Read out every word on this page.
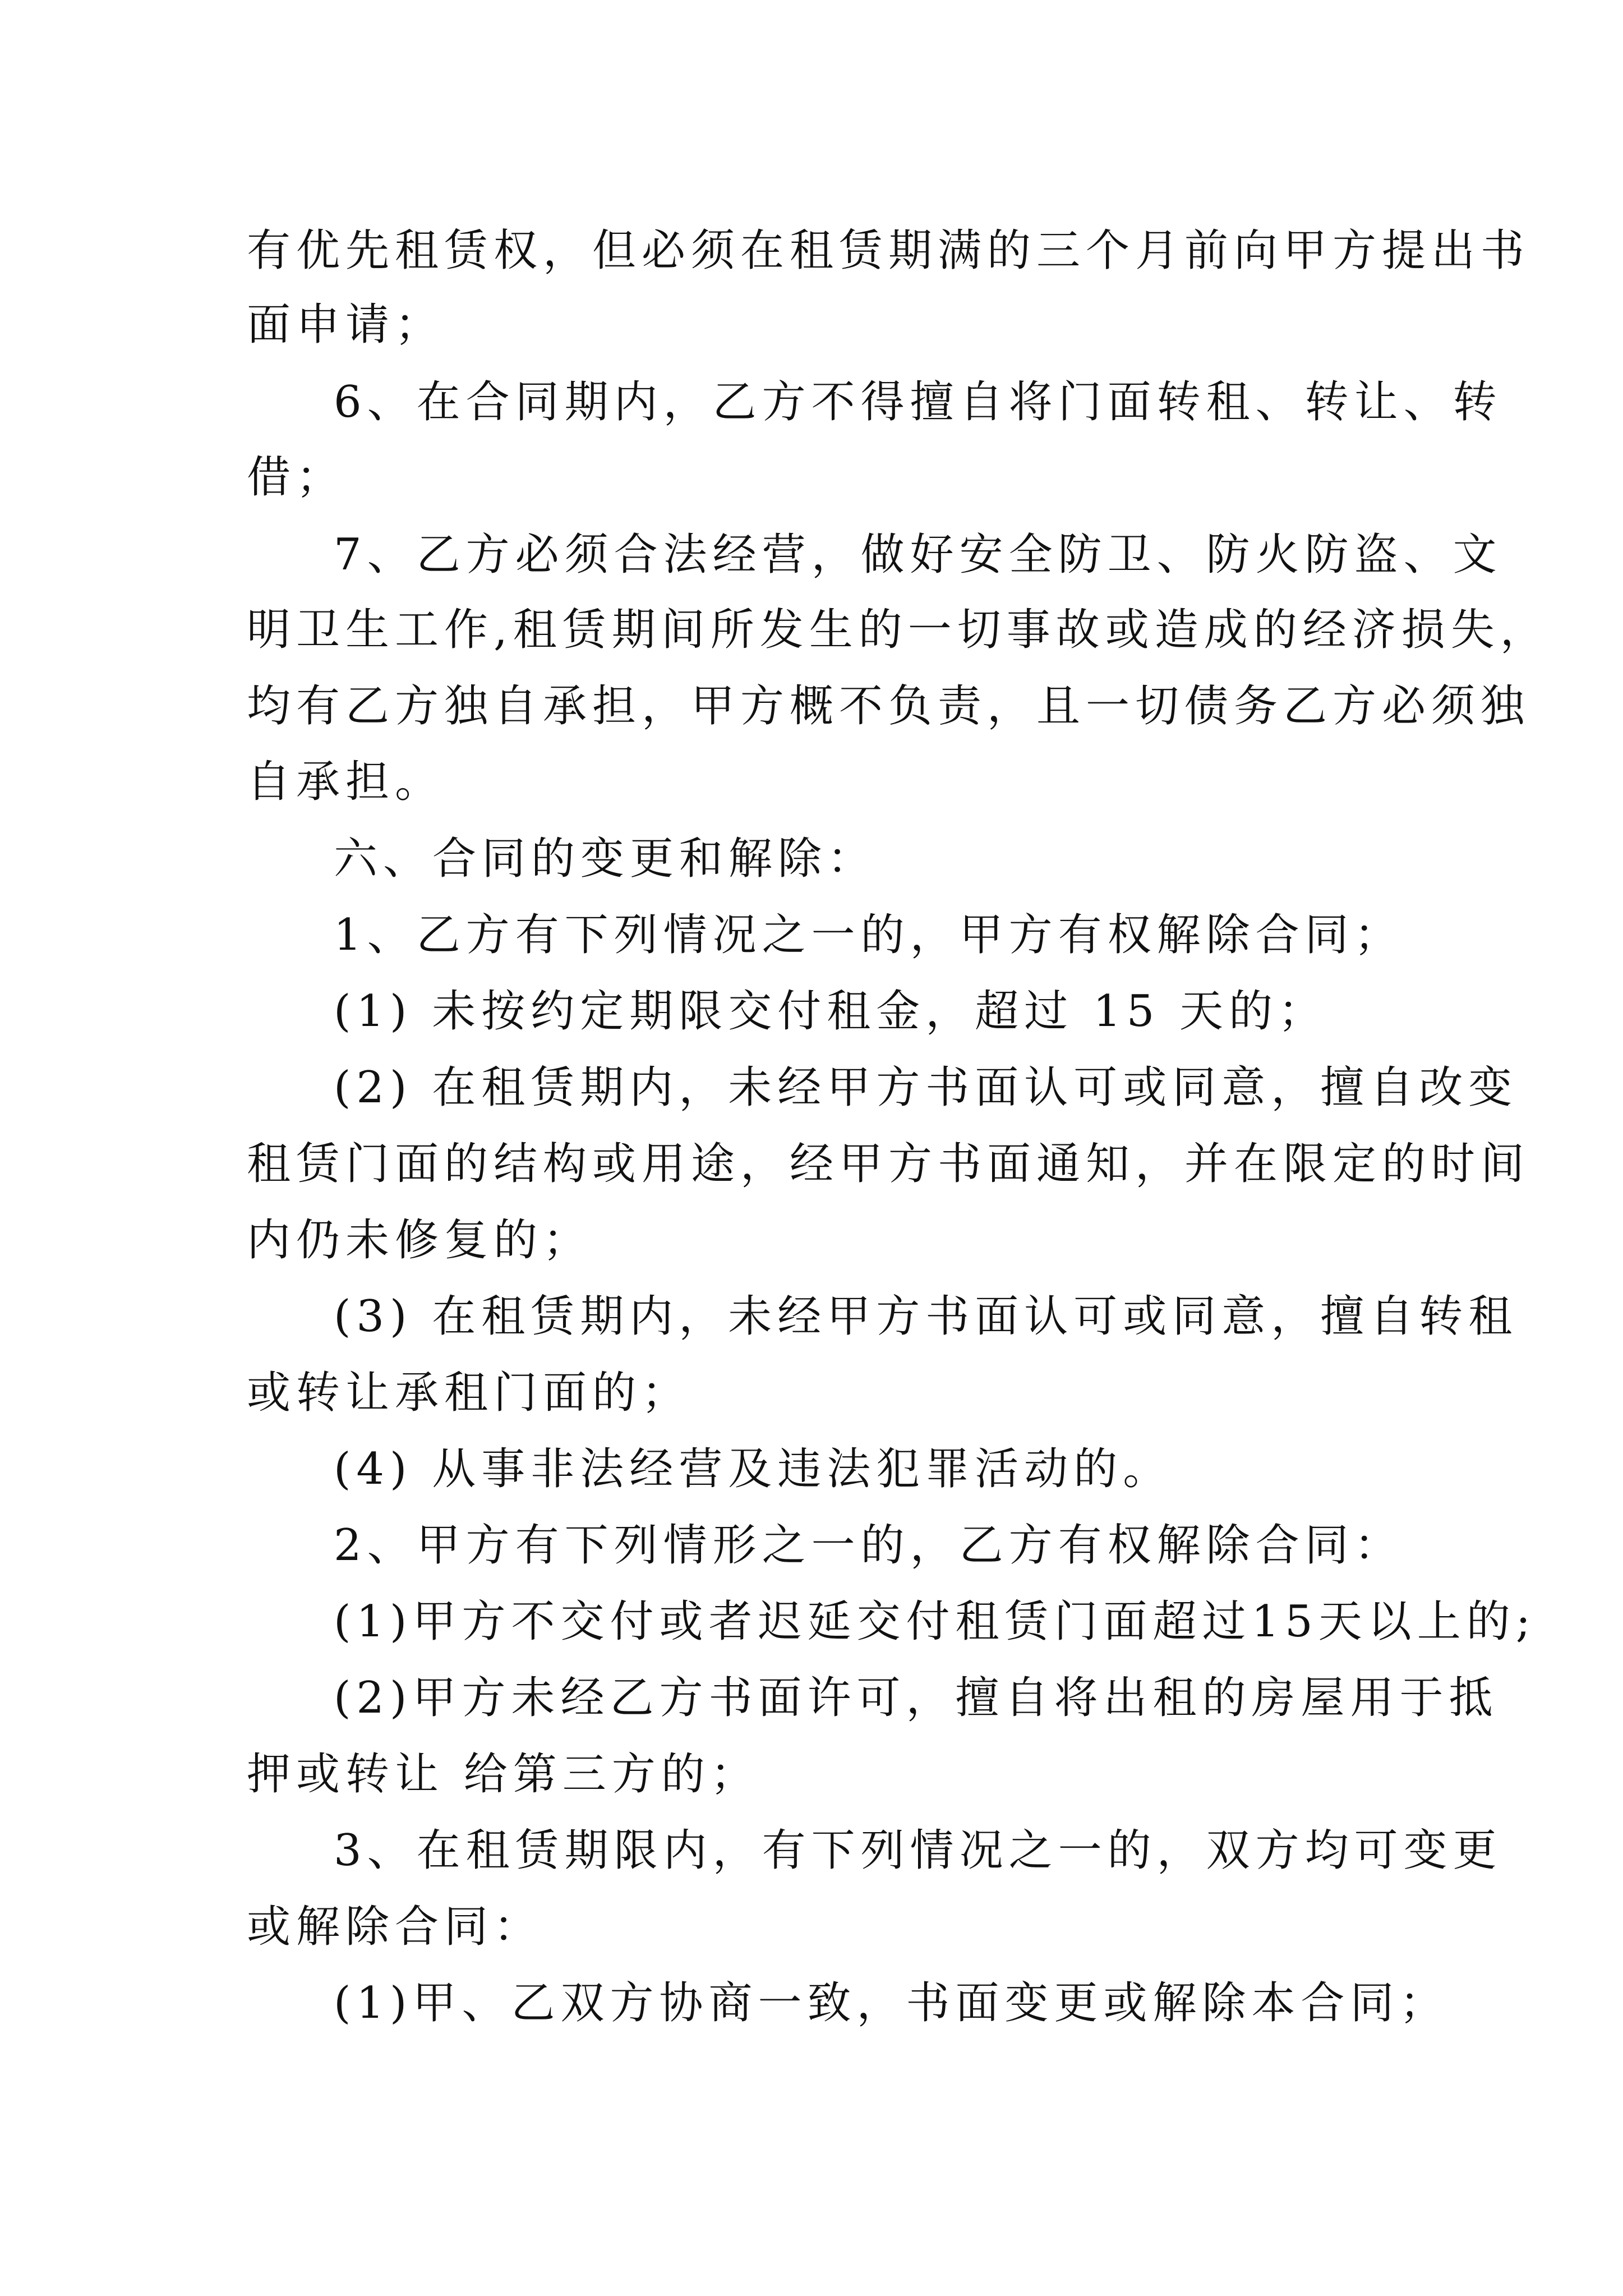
有优先租赁权，但必须在租赁期满的三个月前向甲方提出书
面申请；
6、在合同期内，乙方不得擅自将门面转租、转让、转
借；
7、乙方必须合法经营，做好安全防卫、防火防盗、文
明卫生工作,租赁期间所发生的一切事故或造成的经济损失，
均有乙方独自承担，甲方概不负责，且一切债务乙方必须独
自承担。
六、合同的变更和解除：
1、乙方有下列情况之一的，甲方有权解除合同；
(1) 未按约定期限交付租金，超过 15 天的；
(2) 在租赁期内，未经甲方书面认可或同意，擅自改变
租赁门面的结构或用途，经甲方书面通知，并在限定的时间
内仍未修复的；
(3) 在租赁期内，未经甲方书面认可或同意，擅自转租
或转让承租门面的；
(4) 从事非法经营及违法犯罪活动的。
2、甲方有下列情形之一的，乙方有权解除合同：
(1)甲方不交付或者迟延交付租赁门面超过15天以上的;
(2)甲方未经乙方书面许可，擅自将出租的房屋用于抵
押或转让 给第三方的；
3、在租赁期限内，有下列情况之一的，双方均可变更
或解除合同：
(1)甲、乙双方协商一致，书面变更或解除本合同；
